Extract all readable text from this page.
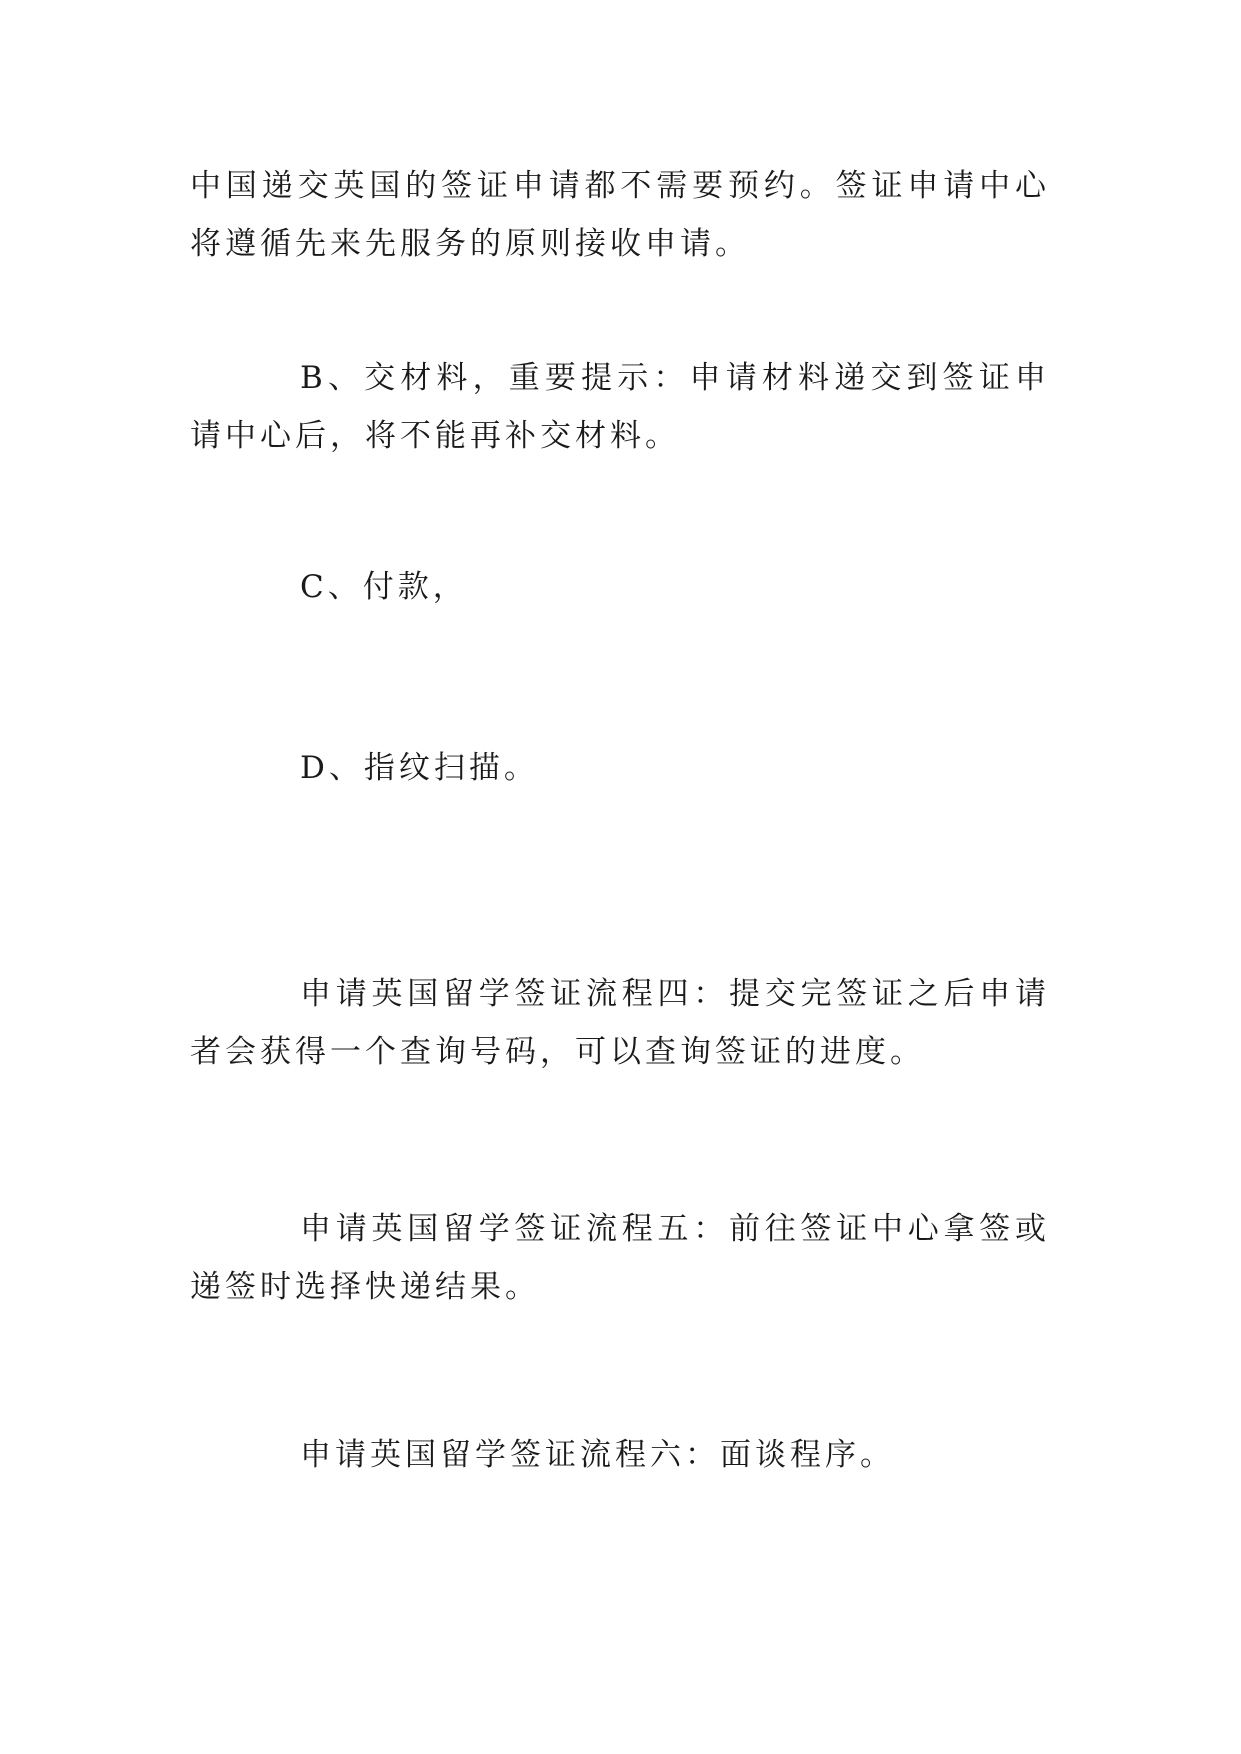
中国递交英国的签证申请都不需要预约。签证申请中心将遵循先来先服务的原则接收申请。

B、交材料，重要提示：申请材料递交到签证申请中心后，将不能再补交材料。

C、付款，

D、指纹扫描。

申请英国留学签证流程四：提交完签证之后申请者会获得一个查询号码，可以查询签证的进度。

申请英国留学签证流程五：前往签证中心拿签或递签时选择快递结果。

申请英国留学签证流程六：面谈程序。
